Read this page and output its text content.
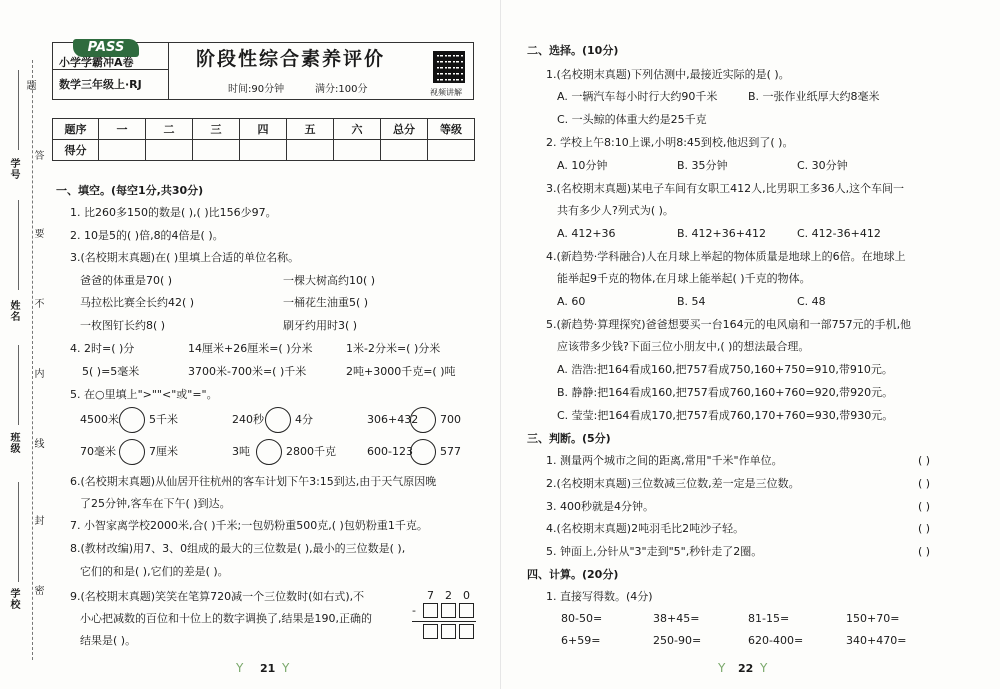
题
答
要
不
内
线
封
密
学号
姓名
班级
学校
PASS
小学学霸冲A卷
数学三年级上·RJ
阶段性综合素养评价
时间:90分钟	满分:100分	视频讲解
题序	一	二	三	四	五	六	总分	等级
得分								
一、填空。(每空1分,共30分)
1. 比260多150的数是( ),( )比156少97。
2. 10是5的( )倍,8的4倍是( )。
3.(名校期末真题)在( )里填上合适的单位名称。
爸爸的体重是70( )	一棵大树高约10( )
马拉松比赛全长约42( )	一桶花生油重5( )
一枚图钉长约8( )	刷牙约用时3( )
4. 2时=( )分	14厘米+26厘米=( )分米	1米-2分米=( )分米
5( )=5毫米	3700米-700米=( )千米	2吨+3000千克=( )吨
5. 在○里填上">""<"或"="。
4500米	5千米	240秒	4分	306+432 700
70毫米	7厘米	3吨	2800千克	600-123 577
6.(名校期末真题)从仙居开往杭州的客车计划下午3:15到达,由于天气原因晚
了25分钟,客车在下午( )到达。
7. 小智家离学校2000米,合( )千米;一包奶粉重500克,( )包奶粉重1千克。
8.(教材改编)用7、3、0组成的最大的三位数是( ),最小的三位数是( ),
它们的和是( ),它们的差是( )。
9.(名校期末真题)笑笑在笔算720减一个三位数时(如右式),不
小心把减数的百位和十位上的数字调换了,结果是190,正确的
结果是( )。
7 2 0
-
Y 21 Y
二、选择。(10分)
1.(名校期末真题)下列估测中,最接近实际的是( )。
A. 一辆汽车每小时行大约90千米	B. 一张作业纸厚大约8毫米
C. 一头鲸的体重大约是25千克
2. 学校上午8:10上课,小明8:45到校,他迟到了( )。
A. 10分钟	B. 35分钟	C. 30分钟
3.(名校期末真题)某电子车间有女职工412人,比男职工多36人,这个车间一
共有多少人?列式为( )。
A. 412+36	B. 412+36+412	C. 412-36+412
4.(新趋势·学科融合)人在月球上举起的物体质量是地球上的6倍。在地球上
能举起9千克的物体,在月球上能举起( )千克的物体。
A. 60	B. 54	C. 48
5.(新趋势·算理探究)爸爸想要买一台164元的电风扇和一部757元的手机,他
应该带多少钱?下面三位小朋友中,( )的想法最合理。
A. 浩浩:把164看成160,把757看成750,160+750=910,带910元。
B. 静静:把164看成160,把757看成760,160+760=920,带920元。
C. 莹莹:把164看成170,把757看成760,170+760=930,带930元。
三、判断。(5分)
1. 测量两个城市之间的距离,常用"千米"作单位。	( )
2.(名校期末真题)三位数减三位数,差一定是三位数。	( )
3. 400秒就是4分钟。	( )
4.(名校期末真题)2吨羽毛比2吨沙子轻。	( )
5. 钟面上,分针从"3"走到"5",秒针走了2圈。	( )
四、计算。(20分)
1. 直接写得数。(4分)
80-50=	38+45=	81-15=	150+70=
6+59=	250-90=	620-400=	340+470=
Y 22 Y
